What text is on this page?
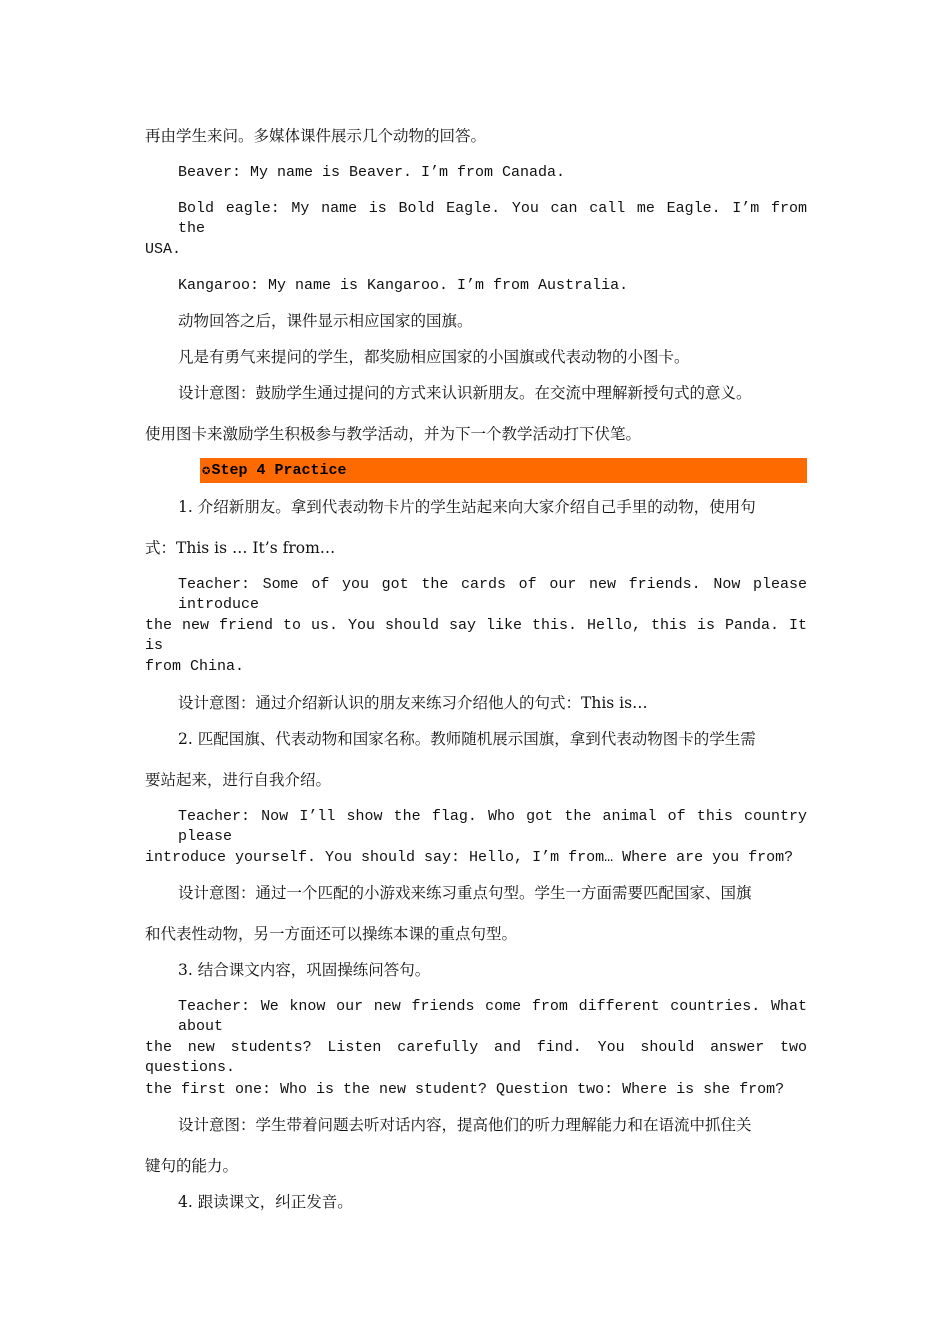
再由学生来问。多媒体课件展示几个动物的回答。
Beaver: My name is Beaver. I’m from Canada.
Bold eagle: My name is Bold Eagle. You can call me Eagle. I’m from the
USA.
Kangaroo: My name is Kangaroo. I’m from Australia.
动物回答之后，课件显示相应国家的国旗。
凡是有勇气来提问的学生，都奖励相应国家的小国旗或代表动物的小图卡。
设计意图：鼓励学生通过提问的方式来认识新朋友。在交流中理解新授句式的意义。
使用图卡来激励学生积极参与教学活动，并为下一个教学活动打下伏笔。
✪ Step 4 Practice
1. 介绍新朋友。拿到代表动物卡片的学生站起来向大家介绍自己手里的动物，使用句
式：This is … It’s from…
Teacher: Some of you got the cards of our new friends. Now please introduce
the new friend to us. You should say like this. Hello, this is Panda. It is
from China.
设计意图：通过介绍新认识的朋友来练习介绍他人的句式：This is…
2. 匹配国旗、代表动物和国家名称。教师随机展示国旗，拿到代表动物图卡的学生需
要站起来，进行自我介绍。
Teacher: Now I’ll show the flag. Who got the animal of this country please
introduce yourself. You should say: Hello, I’m from… Where are you from?
设计意图：通过一个匹配的小游戏来练习重点句型。学生一方面需要匹配国家、国旗
和代表性动物，另一方面还可以操练本课的重点句型。
3. 结合课文内容，巩固操练问答句。
Teacher: We know our new friends come from different countries. What about
the new students? Listen carefully and find. You should answer two questions.
the first one: Who is the new student? Question two: Where is she from?
设计意图：学生带着问题去听对话内容，提高他们的听力理解能力和在语流中抓住关
键句的能力。
4. 跟读课文，纠正发音。
